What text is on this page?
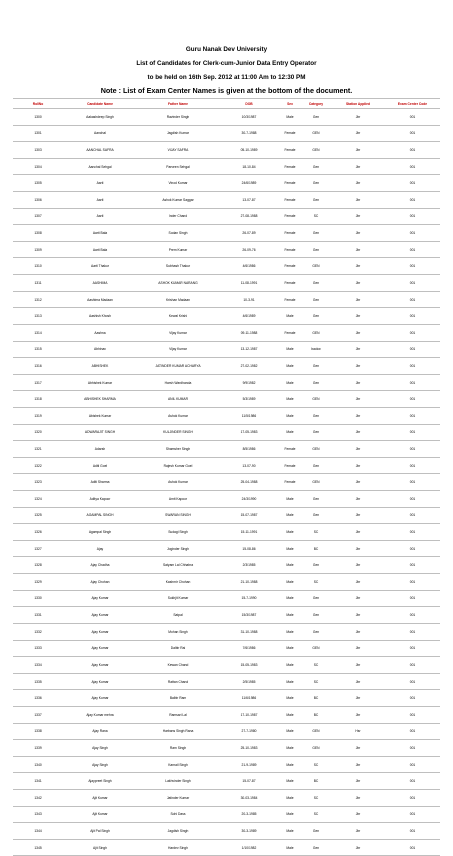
Guru Nanak Dev University
List of Candidates for Clerk-cum-Junior Data Entry Operator
to be held on 16th Sep. 2012 at 11:00 Am to 12:30 PM
Note : List of Exam Center Names is given at the bottom of the document.
RollNo	Candidate Name	Father Name	DOB	Sex	Category	Station Applied	Exam Center Code
1300	Aakashdeep Singh	Ravinder Singh	10/3/1987	Male	Gen	Jbr	001
1301	Aanchal	Jagdish Kumar	30-7-1988	Female	GEN	Jbr	001
1303	AANCHAL SAFRA	VIJAY SAFRA	05-10-1989	Female	GEN	Jbr	001
1304	Aanchal Sehgal	Parveen Sehgal	18-10-84	Female	Gen	Jbr	001
1305	Aarti	Vinod Kumar	24/6/1989	Female	Gen	Jbr	001
1306	Aarti	Ashok Kumar Saggar	13-07-87	Female	Gen	Jbr	001
1307	Aarti	Inder Chand	27-08-1988	Female	SC	Jbr	001
1308	Aarti Bala	Sodan Singh	26-07-89	Female	Gen	Jbr	001
1309	Aarti Bala	Prem Kumar	26-09-76	Female	Gen	Jbr	001
1310	Aarti Thakur	Subhash Thakur	4/6/1986	Female	GEN	Jbr	001
1311	AASHIMA	ASHOK KUMAR NARANG	11-08-1991	Female	Gen	Jbr	001
1312	Aashima Madaan	Krishan Madaan	10-3-91	Female	Gen	Jbr	001
1313	Aashish Khosh	Kewal Krishi	4/6/1989	Male	Gen	Jbr	001
1314	Aashna	Vijay Kumar	09-11-1988	Female	GEN	Jbr	001
1315	Abhinav	Vijay Kumar	13-12-1987	Male	backw	Jbr	001
1316	ABHISHEK	JATINDER KUMAR ACHARYA	27-02-1982	Male	Gen	Jbr	001
1317	Abhishek Kumar	Harsh Wardhanda	9/9/1982	Male	Gen	Jbr	001
1318	ABHISHEK SHARMA	ANIL KUMAR	5/3/1989	Male	GEN	Jbr	001
1319	Abishek Kumar	Ashok Kumar	11/5/1986	Male	Gen	Jbr	001
1320	ADWARAJIT SINGH	KULJINDER SINGH	17-05-1983	Male	Gen	Jbr	001
1321	Adarsh	Shamsher Singh	8/5/1986	Female	GEN	Jbr	001
1322	Aditi Goel	Rajesh Kumar Goel	13-07-90	Female	Gen	Jbr	001
1323	Aditi Sharma	Ashok Kumar	25-04-1988	Female	GEN	Jbr	001
1324	Aditya Kapoor	Amit Kapoor	24/3/1990	Male	Gen	Jbr	001
1325	AGAMPAL SINGH	SWARAN SINGH	15-07-1987	Male	Gen	Jbr	001
1326	Agampal Singh	Sudagi Singh	15-11-1991	Male	SC	Jbr	001
1327	Ajay	Joginder Singh	15-08-86	Male	BC	Jbr	001
1328	Ajay Chadha	Satyam Lal Chhabra	2/3/1985	Male	Gen	Jbr	001
1329	Ajay Chohan	Kashmir Chohan	21-10-1988	Male	SC	Jbr	001
1330	Ajay Kumar	Sukhjit Kumar	15-7-1990	Male	Gen	Jbr	001
1331	Ajay Kumar	Satpal	15/3/1987	Male	Gen	Jbr	001
1332	Ajay Kumar	Mohan Singh	31-10-1988	Male	Gen	Jbr	001
1333	Ajay Kumar	Dalbir Rai	7/6/1986	Male	GEN	Jbr	001
1334	Ajay Kumar	Kewan Chand	15-05-1983	Male	SC	Jbr	001
1335	Ajay Kumar	Rattan Chand	2/5/1985	Male	SC	Jbr	001
1336	Ajay Kumar	Balbir Ram	11/6/1986	Male	BC	Jbr	001
1337	Ajay Kumar mehra	Ramsari Lal	17-10-1987	Male	BC	Jbr	001
1338	Ajay Rana	Harbans Singh Rana	27-7-1980	Male	GEN	Hsr	001
1339	Ajay Singh	Ram Singh	25-10-1983	Male	GEN	Jbr	001
1340	Ajay Singh	Karnail Singh	21-9-1989	Male	SC	Jbr	001
1341	Ajaypreet Singh	Lakhvinder Singh	15-07-87	Male	BC	Jbr	001
1342	Ajit Kumar	Jatinder Kumar	30-03-1984	Male	SC	Jbr	001
1343	Ajit Kumar	Sohi Dass	20-3-1985	Male	SC	Jbr	001
1344	Ajit Pal Singh	Jagdish Singh	30-3-1989	Male	Gen	Jbr	001
1345	Ajit Singh	Hardev Singh	1/10/1982	Male	Gen	Jbr	001
